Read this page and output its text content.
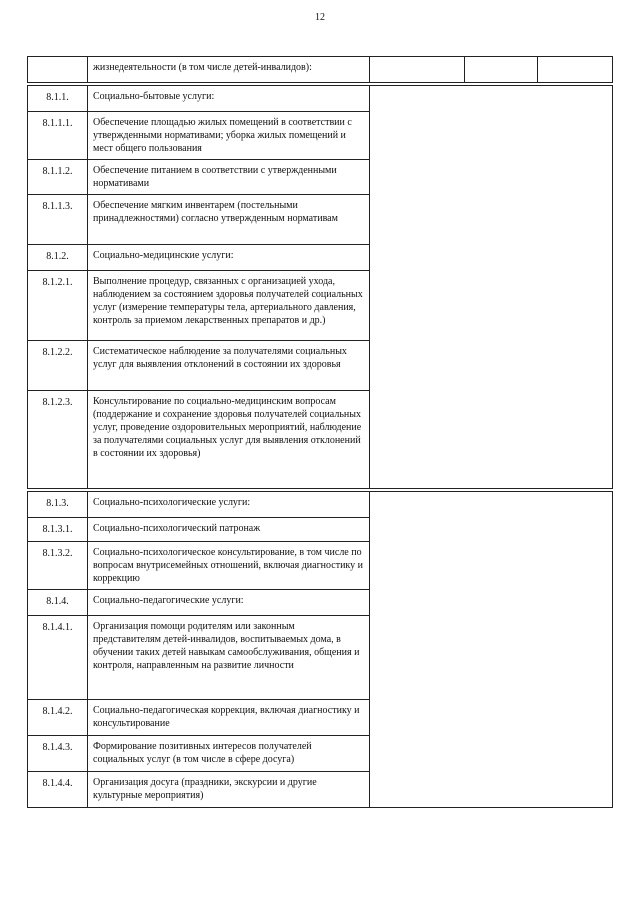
12
	жизнедеятельности (в том числе детей-инвалидов):			

8.1.1.	Социально-бытовые услуги:			
8.1.1.1.	Обеспечение площадью жилых помещений в соответствии с утвержденными нормативами; уборка жилых помещений и мест общего пользования			
8.1.1.2.	Обеспечение питанием в соответствии с утвержденными нормативами			
8.1.1.3.	Обеспечение мягким инвентарем (постельными принадлежностями) согласно утвержденным нормативам			
8.1.2.	Социально-медицинские услуги:			
8.1.2.1.	Выполнение процедур, связанных с организацией ухода, наблюдением за состоянием здоровья получателей социальных услуг (измерение температуры тела, артериального давления, контроль за приемом лекарственных препаратов и др.)			
8.1.2.2.	Систематическое наблюдение за получателями социальных услуг для выявления отклонений в состоянии их здоровья			
8.1.2.3.	Консультирование по социально-медицинским вопросам (поддержание и сохранение здоровья получателей социальных услуг, проведение оздоровительных мероприятий, наблюдение за получателями социальных услуг для выявления отклонений в состоянии их здоровья)			

8.1.3.	Социально-психологические услуги:			
8.1.3.1.	Социально-психологический патронаж			
8.1.3.2.	Социально-психологическое консультирование, в том числе по вопросам внутрисемейных отношений, включая диагностику и коррекцию			
8.1.4.	Социально-педагогические услуги:			
8.1.4.1.	Организация помощи родителям или законным представителям детей-инвалидов, воспитываемых дома, в обучении таких детей навыкам самообслуживания, общения и контроля, направленным на развитие личности			
8.1.4.2.	Социально-педагогическая коррекция, включая диагностику и консультирование			
8.1.4.3.	Формирование позитивных интересов получателей социальных услуг (в том числе в сфере досуга)			
8.1.4.4.	Организация досуга (праздники, экскурсии и другие культурные мероприятия)			
